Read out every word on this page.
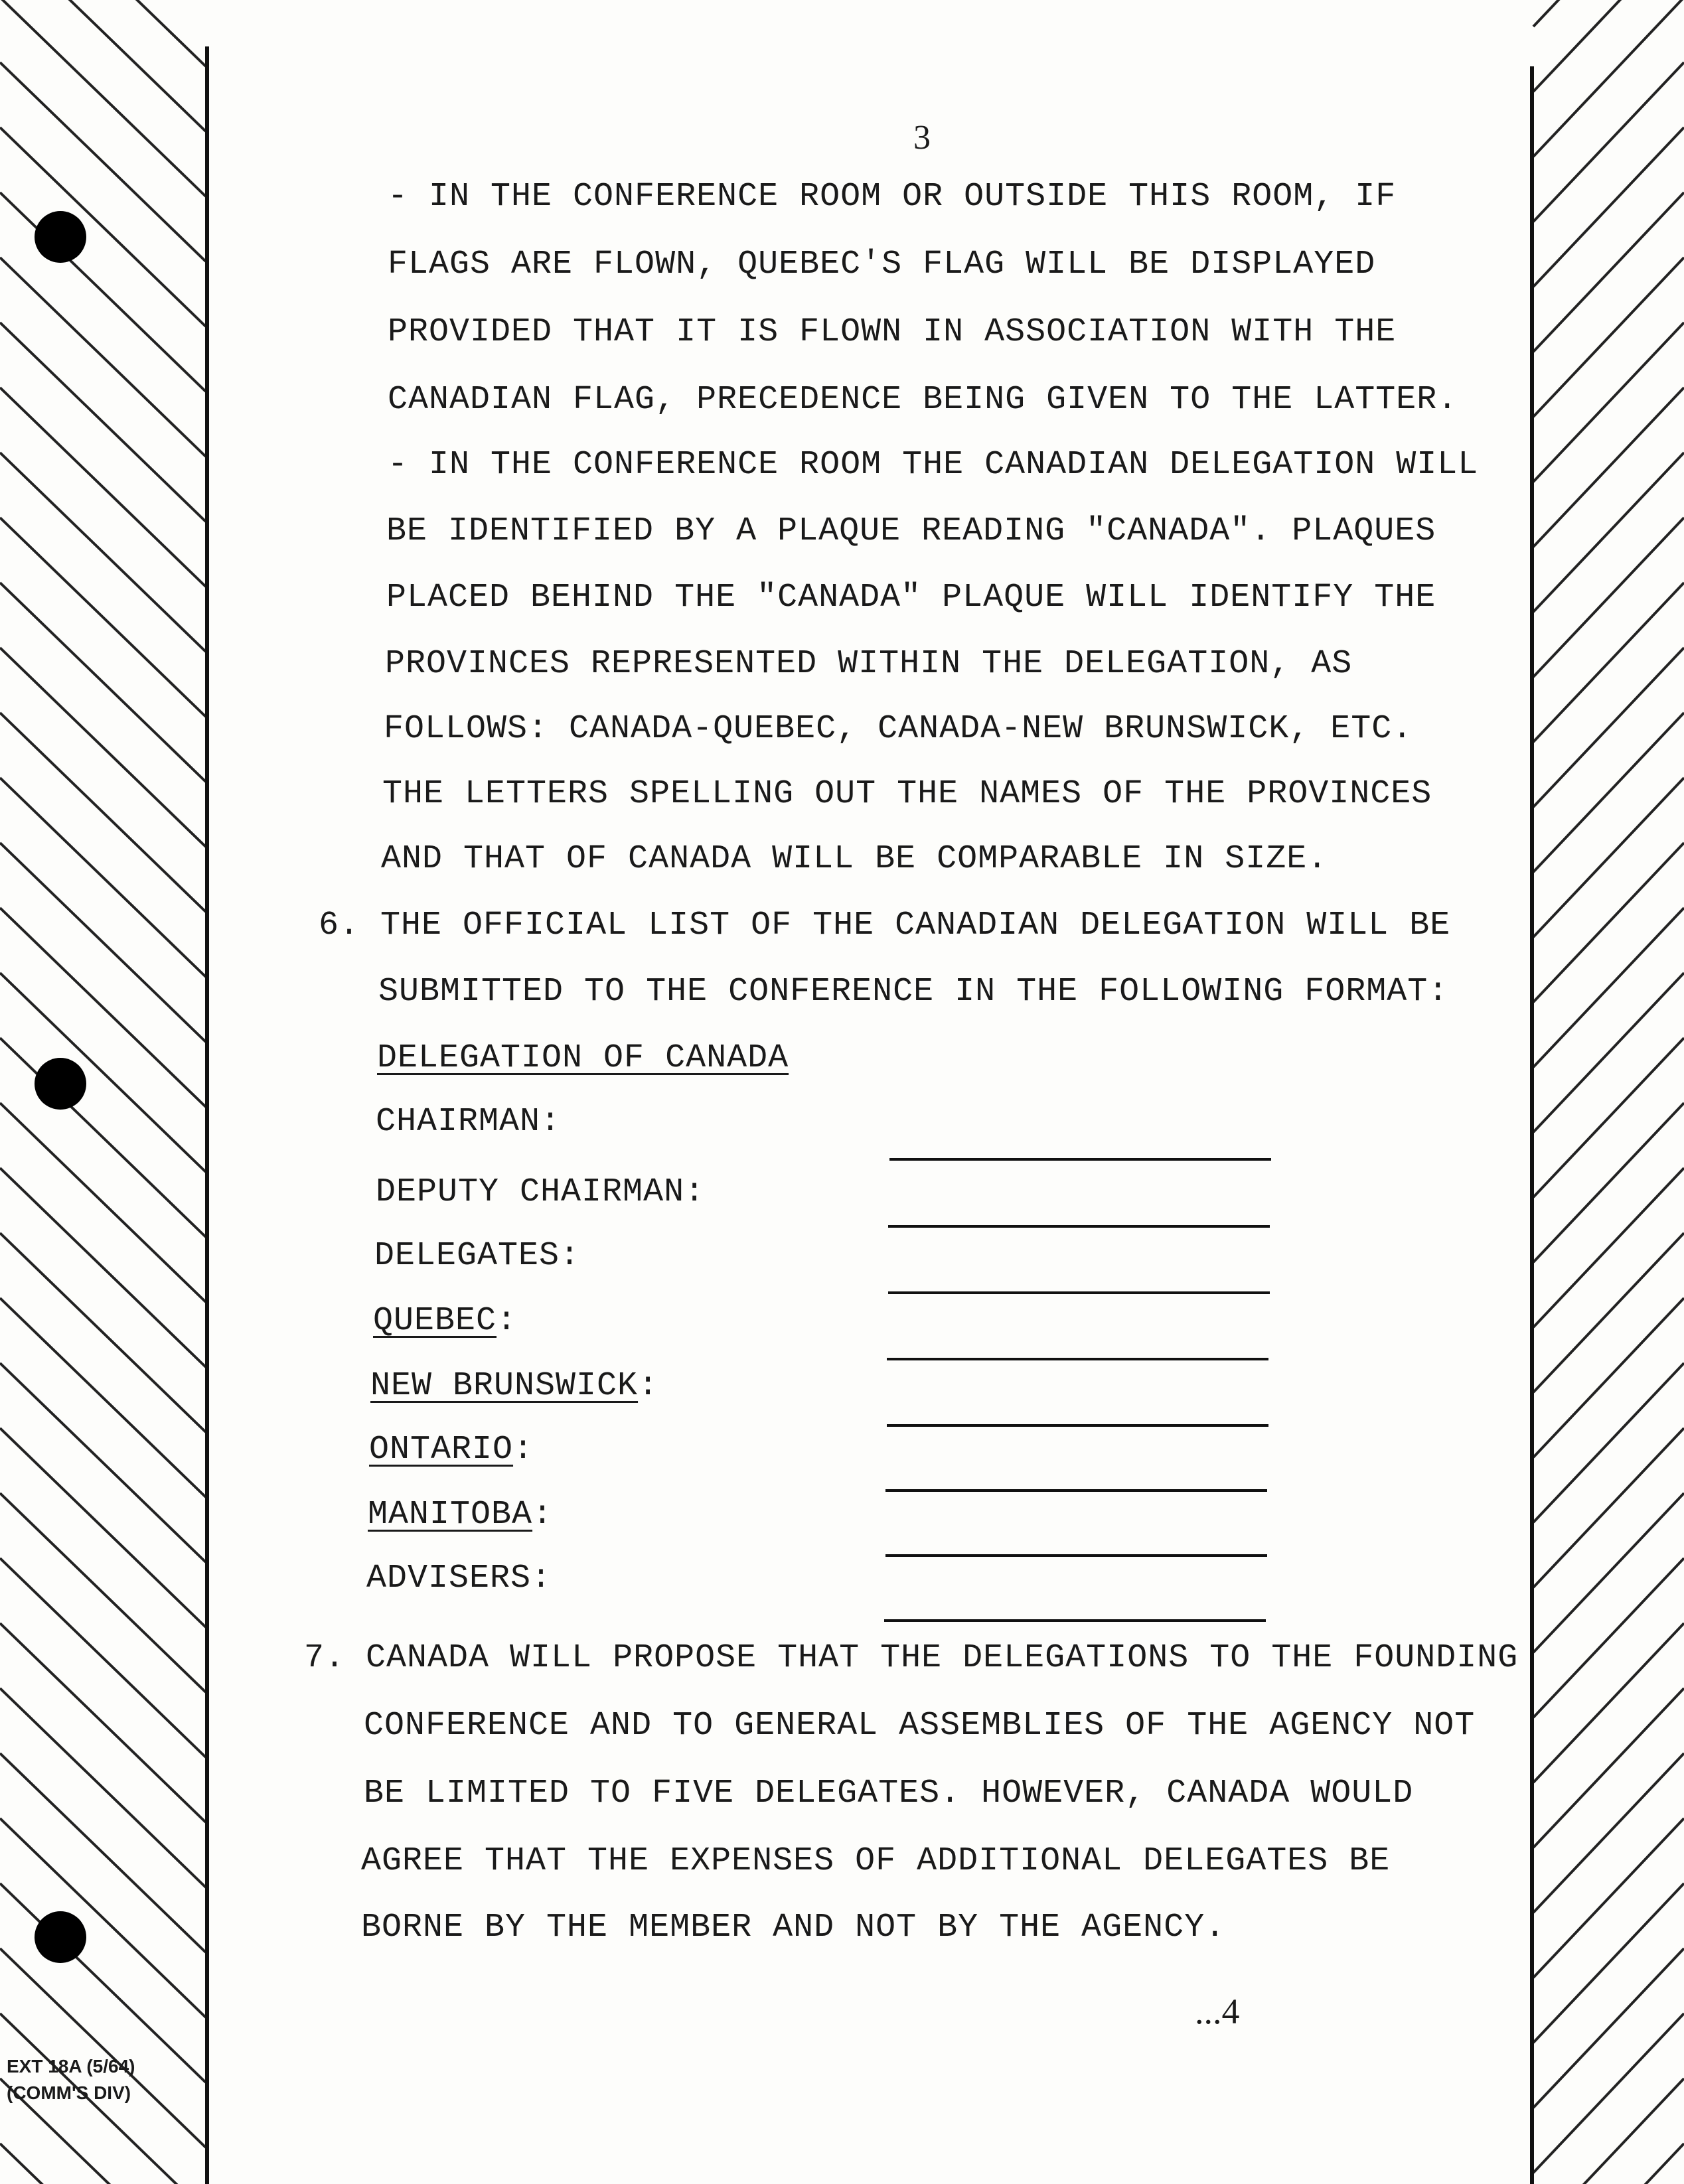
3
- IN THE CONFERENCE ROOM OR OUTSIDE THIS ROOM, IF
FLAGS ARE FLOWN, QUEBEC'S FLAG WILL BE DISPLAYED
PROVIDED THAT IT IS FLOWN IN ASSOCIATION WITH THE
CANADIAN FLAG, PRECEDENCE BEING GIVEN TO THE LATTER.
- IN THE CONFERENCE ROOM THE CANADIAN DELEGATION WILL
BE IDENTIFIED BY A PLAQUE READING "CANADA". PLAQUES
PLACED BEHIND THE "CANADA" PLAQUE WILL IDENTIFY THE
PROVINCES REPRESENTED WITHIN THE DELEGATION, AS
FOLLOWS: CANADA-QUEBEC, CANADA-NEW BRUNSWICK, ETC.
THE LETTERS SPELLING OUT THE NAMES OF THE PROVINCES
AND THAT OF CANADA WILL BE COMPARABLE IN SIZE.
6. THE OFFICIAL LIST OF THE CANADIAN DELEGATION WILL BE
SUBMITTED TO THE CONFERENCE IN THE FOLLOWING FORMAT:
DELEGATION OF CANADA
CHAIRMAN:
DEPUTY CHAIRMAN:
DELEGATES:
QUEBEC:
NEW BRUNSWICK:
ONTARIO:
MANITOBA:
ADVISERS:
7. CANADA WILL PROPOSE THAT THE DELEGATIONS TO THE FOUNDING
CONFERENCE AND TO GENERAL ASSEMBLIES OF THE AGENCY NOT
BE LIMITED TO FIVE DELEGATES. HOWEVER, CANADA WOULD
AGREE THAT THE EXPENSES OF ADDITIONAL DELEGATES BE
BORNE BY THE MEMBER AND NOT BY THE AGENCY.
...4
EXT 18A (5/64)
(COMM'S DIV)
